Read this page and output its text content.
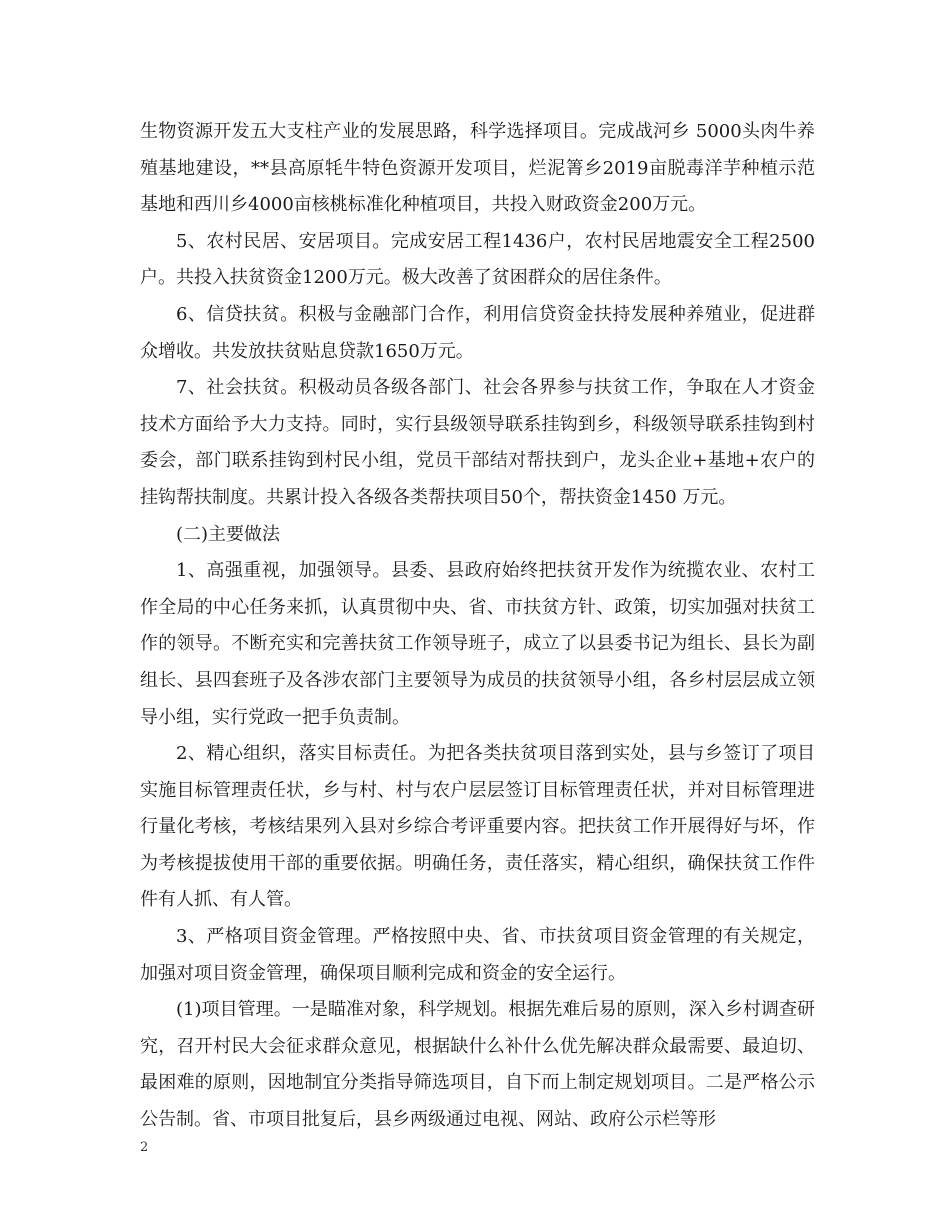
生物资源开发五大支柱产业的发展思路，科学选择项目。完成战河乡 5000头肉牛养殖基地建设，**县高原牦牛特色资源开发项目，烂泥箐乡2019亩脱毒洋芋种植示范基地和西川乡4000亩核桃标准化种植项目，共投入财政资金200万元。

5、农村民居、安居项目。完成安居工程1436户，农村民居地震安全工程2500户。共投入扶贫资金1200万元。极大改善了贫困群众的居住条件。

6、信贷扶贫。积极与金融部门合作，利用信贷资金扶持发展种养殖业，促进群众增收。共发放扶贫贴息贷款1650万元。

7、社会扶贫。积极动员各级各部门、社会各界参与扶贫工作，争取在人才资金技术方面给予大力支持。同时，实行县级领导联系挂钩到乡，科级领导联系挂钩到村委会，部门联系挂钩到村民小组，党员干部结对帮扶到户，龙头企业+基地+农户的挂钩帮扶制度。共累计投入各级各类帮扶项目50个，帮扶资金1450 万元。

(二)主要做法

1、高强重视，加强领导。县委、县政府始终把扶贫开发作为统揽农业、农村工作全局的中心任务来抓，认真贯彻中央、省、市扶贫方针、政策，切实加强对扶贫工作的领导。不断充实和完善扶贫工作领导班子，成立了以县委书记为组长、县长为副组长、县四套班子及各涉农部门主要领导为成员的扶贫领导小组，各乡村层层成立领导小组，实行党政一把手负责制。

2、精心组织，落实目标责任。为把各类扶贫项目落到实处，县与乡签订了项目实施目标管理责任状，乡与村、村与农户层层签订目标管理责任状，并对目标管理进行量化考核，考核结果列入县对乡综合考评重要内容。把扶贫工作开展得好与坏，作为考核提拔使用干部的重要依据。明确任务，责任落实，精心组织，确保扶贫工作件件有人抓、有人管。

3、严格项目资金管理。严格按照中央、省、市扶贫项目资金管理的有关规定，加强对项目资金管理，确保项目顺利完成和资金的安全运行。

(1)项目管理。一是瞄准对象，科学规划。根据先难后易的原则，深入乡村调查研究，召开村民大会征求群众意见，根据缺什么补什么优先解决群众最需要、最迫切、最困难的原则，因地制宜分类指导筛选项目，自下而上制定规划项目。二是严格公示公告制。省、市项目批复后，县乡两级通过电视、网站、政府公示栏等形

2
